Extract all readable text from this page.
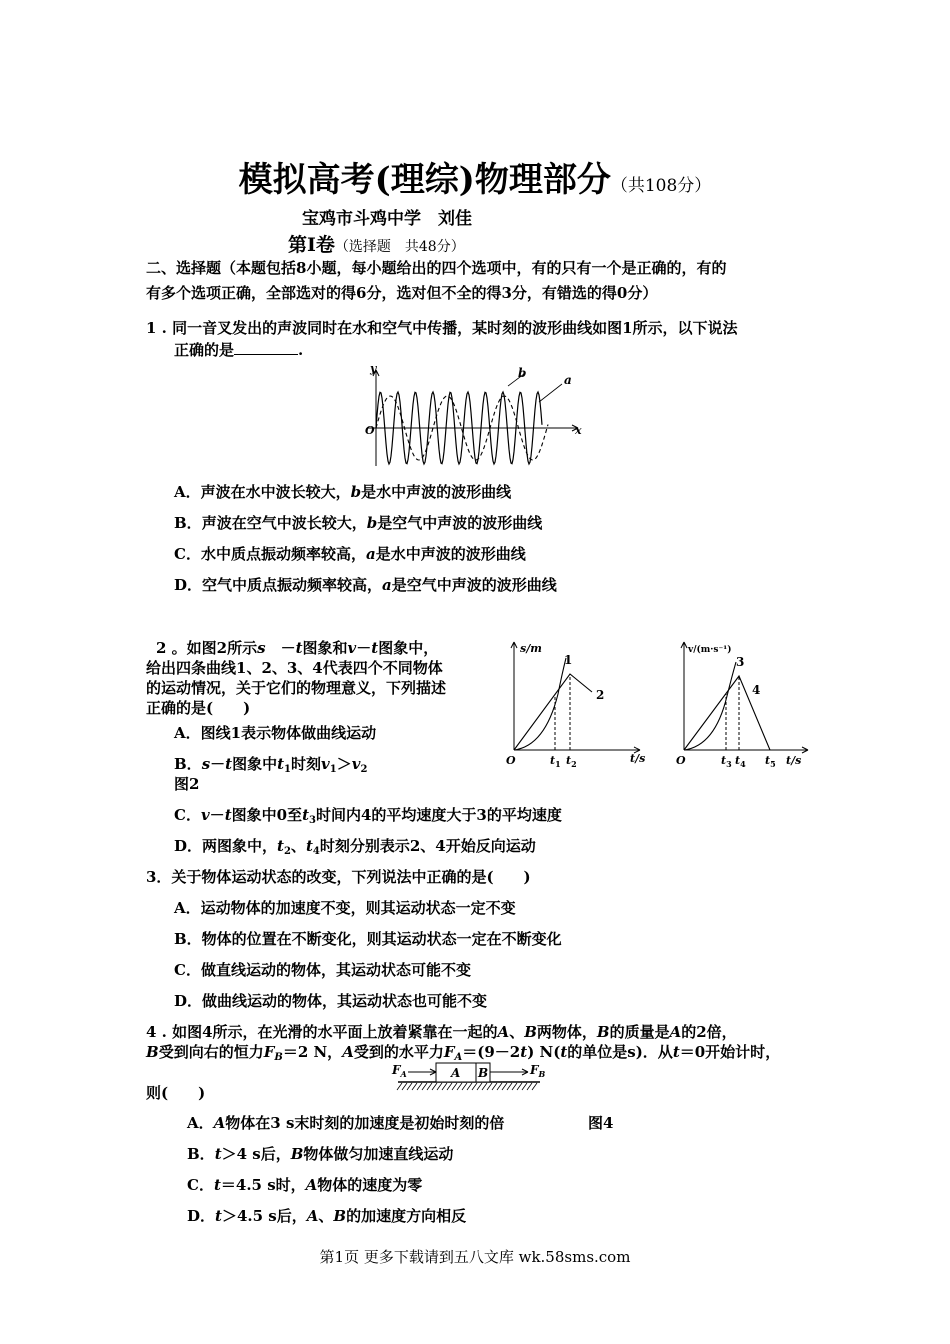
模拟高考(理综)物理部分（共108分）
宝鸡市斗鸡中学　刘佳
第Ⅰ卷（选择题　共48分）
二、选择题（本题包括8小题，每小题给出的四个选项中，有的只有一个是正确的，有的
有多个选项正确，全部选对的得6分，选对但不全的得3分，有错选的得0分）
1 . 同一音叉发出的声波同时在水和空气中传播，某时刻的波形曲线如图1所示，以下说法
正确的是	.
y
x
O
b	a
A．声波在水中波长较大，b是水中声波的波形曲线
B．声波在空气中波长较大，b是空气中声波的波形曲线
C．水中质点振动频率较高，a是水中声波的波形曲线
D．空气中质点振动频率较高，a是空气中声波的波形曲线
2 。如图2所示s　－t图象和v－t图象中，
给出四条曲线1、2、3、4代表四个不同物体
的运动情况，关于它们的物理意义，下列描述
正确的是(　　)
s/m
t/s
O
1
2
$t_1$ $t_2$
v/(m·s⁻¹)
t/s
O
3
4
$t_3$ $t_4$ $t_5$
A．图线1表示物体做曲线运动
B．s－t图象中$t_1$时刻$v_1>v_2$
图2
C．v－t图象中0至$t_3$时间内4的平均速度大于3的平均速度
D．两图象中，$t_2$、$t_4$时刻分别表示2、4开始反向运动
3．关于物体运动状态的改变，下列说法中正确的是(　　)
A．运动物体的加速度不变，则其运动状态一定不变
B．物体的位置在不断变化，则其运动状态一定在不断变化
C．做直线运动的物体，其运动状态可能不变
D．做曲线运动的物体，其运动状态也可能不变
4 . 如图4所示，在光滑的水平面上放着紧靠在一起的A、B两物体，B的质量是A的2倍，
B受到向右的恒力$F_B=2$ N，A受到的水平力$F_A=(9-2t)$ N(t的单位是s)．从t＝0开始计时，
则(　　)
$F_A$	A B	$F_B$
A．A物体在3 s末时刻的加速度是初始时刻的倍	图4
B．t＞4 s后，B物体做匀加速直线运动
C．t＝4.5 s时，A物体的速度为零
D．t＞4.5 s后，A、B的加速度方向相反
第1页 更多下载请到五八文库 wk.58sms.com
